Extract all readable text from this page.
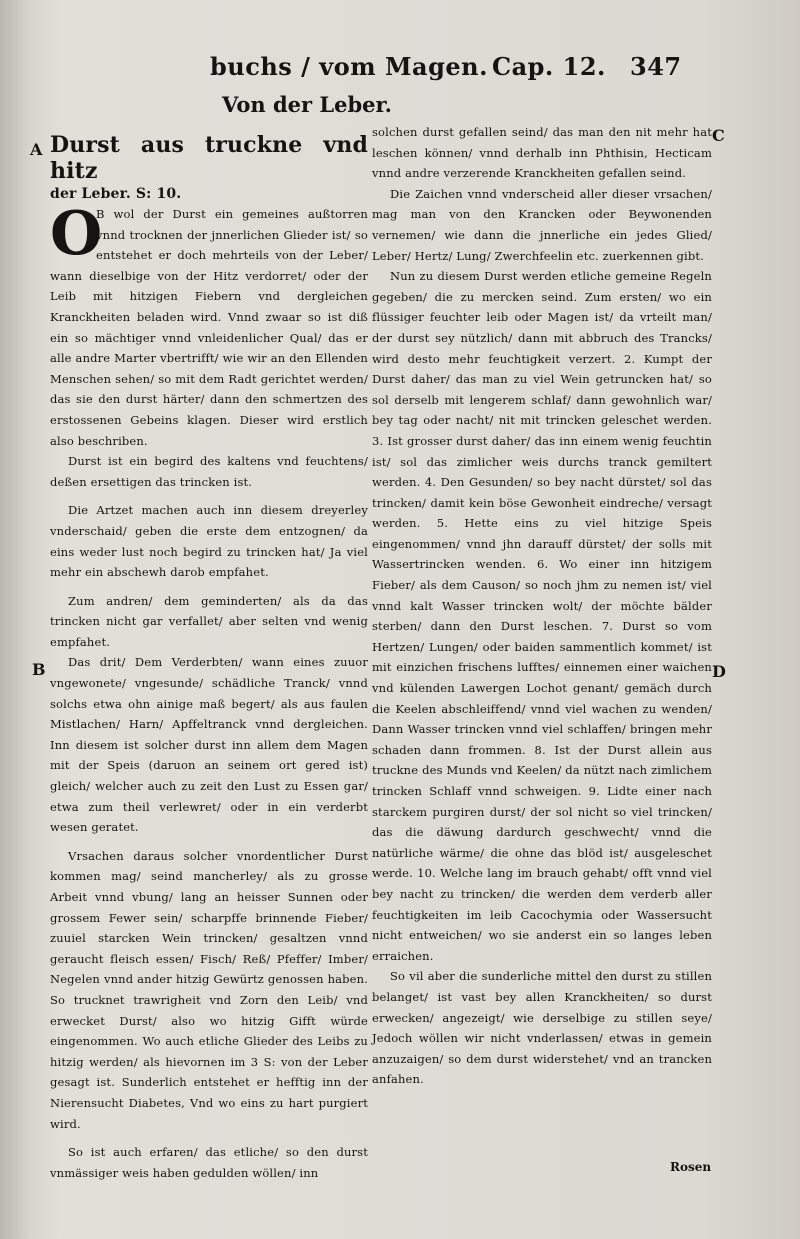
buchs / vom Magen. Cap. 12. 347
Von der Leber.
A
B
C
D

Durst aus truckne vnd hitz

der Leber. S: 10.

O
B wol der Durst ein gemeines außtorren vnnd trocknen der jnnerlichen Glieder ist/ so entstehet er doch mehrteils von der Leber/ wann dieselbige von der Hitz verdorret/ oder der Leib mit hitzigen Fiebern vnd dergleichen Kranckheiten beladen wird. Vnnd zwaar so ist diß ein so mächtiger vnnd vnleidenlicher Qual/ das er alle andre Marter vbertrifft/ wie wir an den Ellenden Menschen sehen/ so mit dem Radt gerichtet werden/ das sie den durst härter/ dann den schmertzen des erstossenen Gebeins klagen. Dieser wird erstlich also beschriben.

Durst ist ein begird des kaltens vnd feuchtens/ deßen ersettigen das trincken ist.

Die Artzet machen auch inn diesem dreyerley vnderschaid/ geben die erste dem entzognen/ da eins weder lust noch begird zu trincken hat/ Ja viel mehr ein abschewh darob empfahet.

Zum andren/ dem geminderten/ als da das trincken nicht gar verfallet/ aber selten vnd wenig empfahet.

Das drit/ Dem Verderbten/ wann eines zuuor vngewonete/ vngesunde/ schädliche Tranck/ vnnd solchs etwa ohn ainige maß begert/ als aus faulen Mistlachen/ Harn/ Apffeltranck vnnd dergleichen. Inn diesem ist solcher durst inn allem dem Magen mit der Speis (daruon an seinem ort gered ist) gleich/ welcher auch zu zeit den Lust zu Essen gar/ etwa zum theil verlewret/ oder in ein verderbt wesen geratet.

Vrsachen daraus solcher vnordentlicher Durst kommen mag/ seind mancherley/ als zu grosse Arbeit vnnd vbung/ lang an heisser Sunnen oder grossem Fewer sein/ scharpffe brinnende Fieber/ zuuiel starcken Wein trincken/ gesaltzen vnnd geraucht fleisch essen/ Fisch/ Reß/ Pfeffer/ Imber/ Negelen vnnd ander hitzig Gewürtz genossen haben. So trucknet trawrigheit vnd Zorn den Leib/ vnd erwecket Durst/ also wo hitzig Gifft würde eingenommen. Wo auch etliche Glieder des Leibs zu hitzig werden/ als hievornen im 3 S: von der Leber gesagt ist. Sunderlich entstehet er hefftig inn der Nierensucht Diabetes, Vnd wo eins zu hart purgiert wird.

So ist auch erfaren/ das etliche/ so den durst vnmässiger weis haben gedulden wöllen/ inn

solchen durst gefallen seind/ das man den nit mehr hat leschen können/ vnnd derhalb inn Phthisin, Hecticam vnnd andre verzerende Kranckheiten gefallen seind.

Die Zaichen vnnd vnderscheid aller dieser vrsachen/ mag man von den Krancken oder Beywonenden vernemen/ wie dann die jnnerliche ein jedes Glied/ Leber/ Hertz/ Lung/ Zwerchfeelin etc. zuerkennen gibt.

Nun zu diesem Durst werden etliche gemeine Regeln gegeben/ die zu mercken seind. Zum ersten/ wo ein flüssiger feuchter leib oder Magen ist/ da vrteilt man/ der durst sey nützlich/ dann mit abbruch des Trancks/ wird desto mehr feuchtigkeit verzert. 2. Kumpt der Durst daher/ das man zu viel Wein getruncken hat/ so sol derselb mit lengerem schlaf/ dann gewohnlich war/ bey tag oder nacht/ nit mit trincken geleschet werden. 3. Ist grosser durst daher/ das inn einem wenig feuchtin ist/ sol das zimlicher weis durchs tranck gemiltert werden. 4. Den Gesunden/ so bey nacht dürstet/ sol das trincken/ damit kein böse Gewonheit eindreche/ versagt werden. 5. Hette eins zu viel hitzige Speis eingenommen/ vnnd jhn darauff dürstet/ der solls mit Wassertrincken wenden. 6. Wo einer inn hitzigem Fieber/ als dem Causon/ so noch jhm zu nemen ist/ viel vnnd kalt Wasser trincken wolt/ der möchte bälder sterben/ dann den Durst leschen. 7. Durst so vom Hertzen/ Lungen/ oder baiden sammentlich kommet/ ist mit einzichen frischens lufftes/ einnemen einer waichen vnd külenden Lawergen Lochot genant/ gemäch durch die Keelen abschleiffend/ vnnd viel wachen zu wenden/ Dann Wasser trincken vnnd viel schlaffen/ bringen mehr schaden dann frommen. 8. Ist der Durst allein aus truckne des Munds vnd Keelen/ da nützt nach zimlichem trincken Schlaff vnnd schweigen. 9. Lidte einer nach starckem purgiren durst/ der sol nicht so viel trincken/ das die däwung dardurch geschwecht/ vnnd die natürliche wärme/ die ohne das blöd ist/ ausgeleschet werde. 10. Welche lang im brauch gehabt/ offt vnnd viel bey nacht zu trincken/ die werden dem verderb aller feuchtigkeiten im leib Cacochymia oder Wassersucht nicht entweichen/ wo sie anderst ein so langes leben erraichen.

So vil aber die sunderliche mittel den durst zu stillen belanget/ ist vast bey allen Kranckheiten/ so durst erwecken/ angezeigt/ wie derselbige zu stillen seye/ Jedoch wöllen wir nicht vnderlassen/ etwas in gemein anzuzaigen/ so dem durst widerstehet/ vnd an trancken anfahen.

Rosen
